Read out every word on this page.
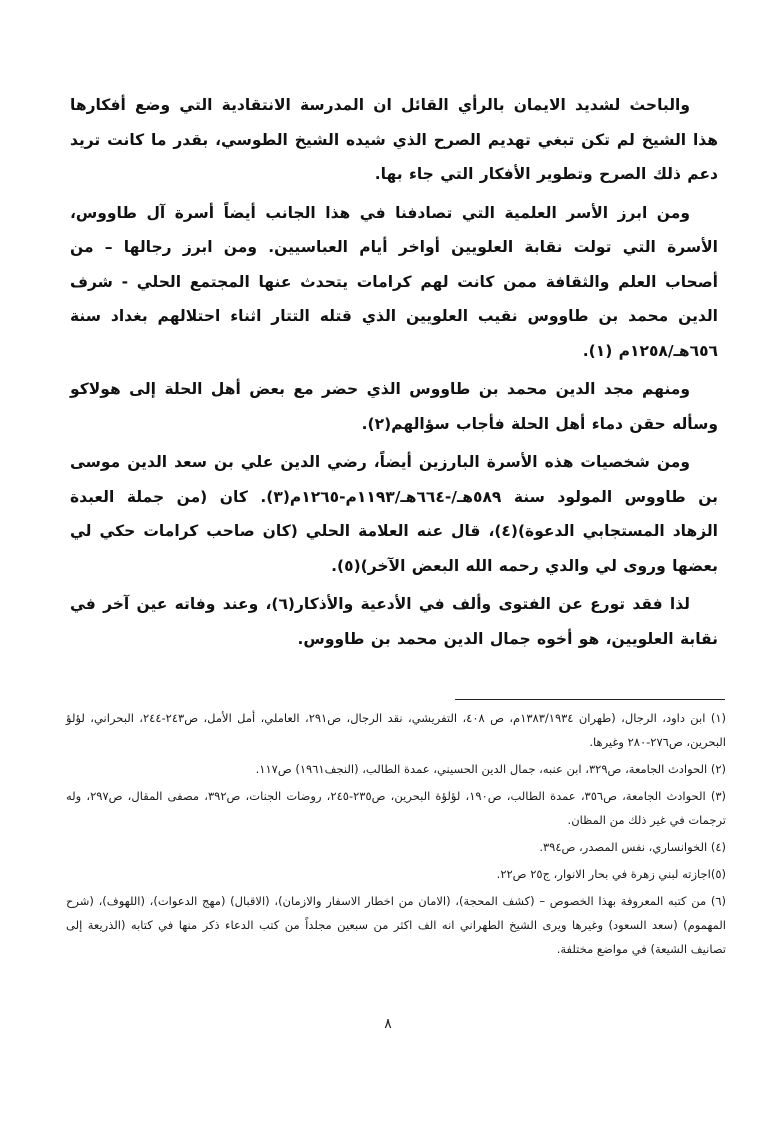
والباحث لشديد الايمان بالرأي القائل ان المدرسة الانتقادية التي وضع أفكارها هذا الشيخ لم تكن تبغي تهديم الصرح الذي شيده الشيخ الطوسي، بقدر ما كانت تريد دعم ذلك الصرح وتطوير الأفكار التي جاء بها.

ومن ابرز الأسر العلمية التي تصادفنا في هذا الجانب أيضاً أسرة آل طاووس، الأسرة التي تولت نقابة العلويين أواخر أيام العباسيين. ومن ابرز رجالها – من أصحاب العلم والثقافة ممن كانت لهم كرامات يتحدث عنها المجتمع الحلي - شرف الدين محمد بن طاووس نقيب العلويين الذي قتله التتار اثناء احتلالهم بغداد سنة ٦٥٦هـ/١٢٥٨م (١).

ومنهم مجد الدين محمد بن طاووس الذي حضر مع بعض أهل الحلة إلى هولاكو وسأله حقن دماء أهل الحلة فأجاب سؤالهم(٢).

ومن شخصيات هذه الأسرة البارزين أيضاً، رضي الدين علي بن سعد الدين موسى بن طاووس المولود سنة ٥٨٩هـ/-٦٦٤هـ/١١٩٣م-١٢٦٥م(٣). كان (من جملة العبدة الزهاد المستجابي الدعوة)(٤)، قال عنه العلامة الحلي (كان صاحب كرامات حكي لي بعضها وروى لي والدي رحمه الله البعض الآخر)(٥).

لذا فقد تورع عن الفتوى وألف في الأدعية والأذكار(٦)، وعند وفاته عين آخر في نقابة العلويين، هو أخوه جمال الدين محمد بن طاووس.

(١) ابن داود، الرجال، (طهران ١٣٨٣/١٩٣٤م، ص ٤٠٨، التفريشي، نقد الرجال، ص٢٩١، العاملي، أمل الأمل، ص٢٤٣-٢٤٤، البحراني، لؤلؤ البحرين، ص٢٧٦-٢٨٠ وغيرها.

(٢) الحوادث الجامعة، ص٣٢٩، ابن عنبه، جمال الدين الحسيني، عمدة الطالب، (النجف١٩٦١) ص١١٧.

(٣) الحوادث الجامعة، ص٣٥٦، عمدة الطالب، ص١٩٠، لؤلؤة البحرين، ص٢٣٥-٢٤٥، روضات الجنات، ص٣٩٢، مصفى المقال، ص٢٩٧، وله ترجمات في غير ذلك من المظان.

(٤) الخوانساري، نفس المصدر، ص٣٩٤.

(٥)اجازته لبني زهرة في بحار الانوار، ج٢٥ ص٢٢.

(٦) من كتبه المعروفة بهذا الخصوص – (كشف المحجة)، (الامان من اخطار الاسفار والازمان)، (الاقبال) (مهج الدعوات)، (اللهوف)، (شرح المهموم) (سعد السعود) وغيرها ويرى الشيخ الطهراني انه الف اكثر من سبعين مجلداً من كتب الدعاء ذكر منها في كتابه (الذريعة إلى تصانيف الشيعة) في مواضع مختلفة.

٨
